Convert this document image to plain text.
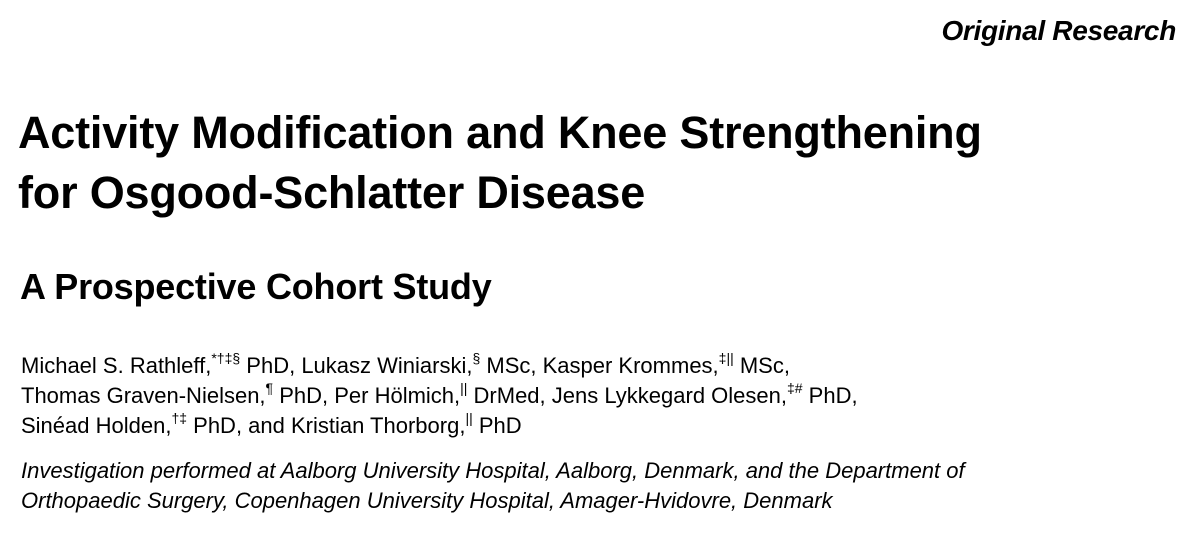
Original Research
Activity Modification and Knee Strengthening
for Osgood-Schlatter Disease
A Prospective Cohort Study

Michael S. Rathleff,*†‡§ PhD, Lukasz Winiarski,§ MSc, Kasper Krommes,‡|| MSc,
Thomas Graven-Nielsen,¶ PhD, Per Hölmich,|| DrMed, Jens Lykkegard Olesen,‡# PhD,
Sinéad Holden,†‡ PhD, and Kristian Thorborg,|| PhD

Investigation performed at Aalborg University Hospital, Aalborg, Denmark, and the Department of
Orthopaedic Surgery, Copenhagen University Hospital, Amager-Hvidovre, Denmark
